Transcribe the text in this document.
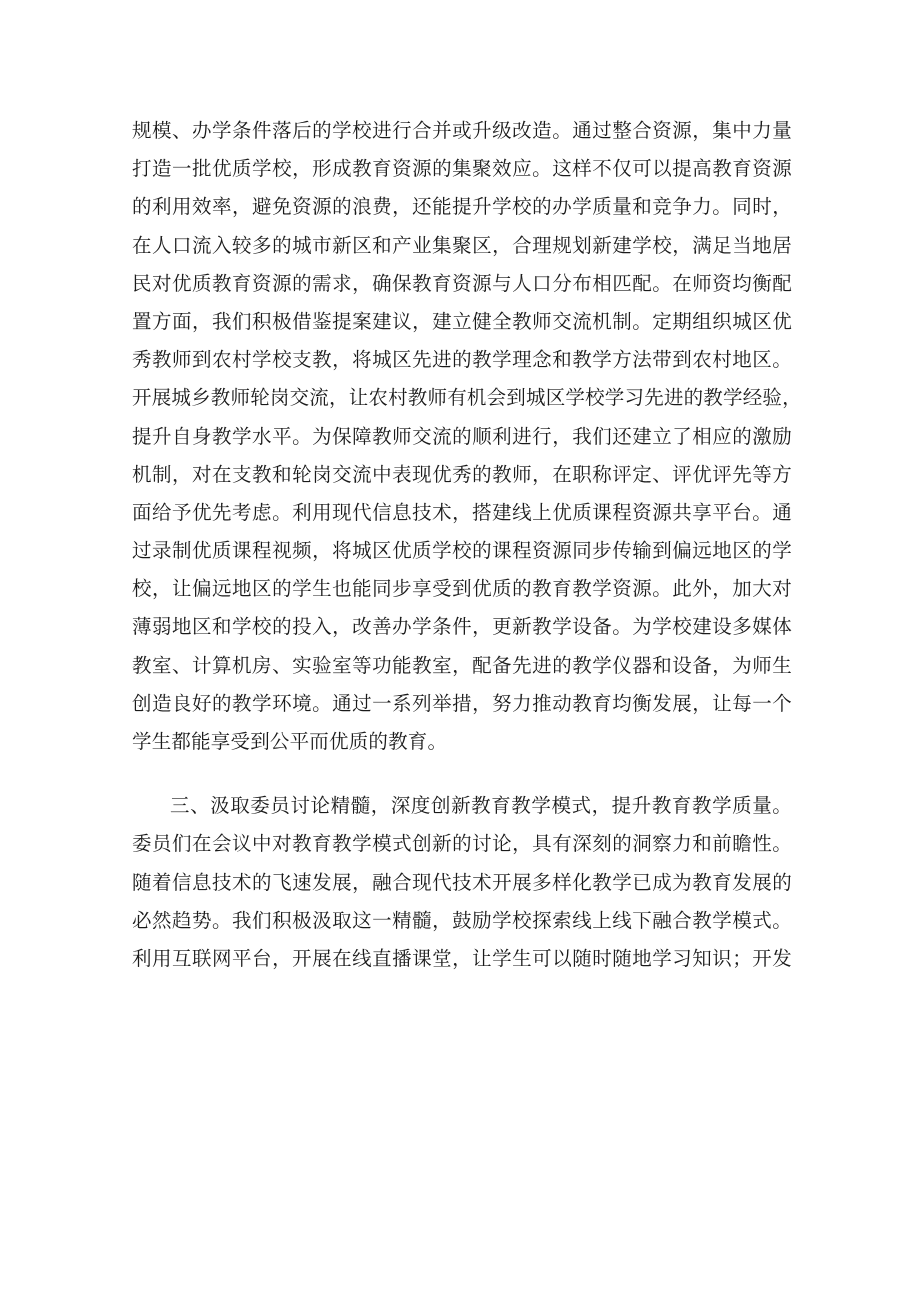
规模、办学条件落后的学校进行合并或升级改造。通过整合资源，集中力量
打造一批优质学校，形成教育资源的集聚效应。这样不仅可以提高教育资源
的利用效率，避免资源的浪费，还能提升学校的办学质量和竞争力。同时，
在人口流入较多的城市新区和产业集聚区，合理规划新建学校，满足当地居
民对优质教育资源的需求，确保教育资源与人口分布相匹配。在师资均衡配
置方面，我们积极借鉴提案建议，建立健全教师交流机制。定期组织城区优
秀教师到农村学校支教，将城区先进的教学理念和教学方法带到农村地区。
开展城乡教师轮岗交流，让农村教师有机会到城区学校学习先进的教学经验，
提升自身教学水平。为保障教师交流的顺利进行，我们还建立了相应的激励
机制，对在支教和轮岗交流中表现优秀的教师，在职称评定、评优评先等方
面给予优先考虑。利用现代信息技术，搭建线上优质课程资源共享平台。通
过录制优质课程视频，将城区优质学校的课程资源同步传输到偏远地区的学
校，让偏远地区的学生也能同步享受到优质的教育教学资源。此外，加大对
薄弱地区和学校的投入，改善办学条件，更新教学设备。为学校建设多媒体
教室、计算机房、实验室等功能教室，配备先进的教学仪器和设备，为师生
创造良好的教学环境。通过一系列举措，努力推动教育均衡发展，让每一个
学生都能享受到公平而优质的教育。
三、汲取委员讨论精髓，深度创新教育教学模式，提升教育教学质量。
委员们在会议中对教育教学模式创新的讨论，具有深刻的洞察力和前瞻性。
随着信息技术的飞速发展，融合现代技术开展多样化教学已成为教育发展的
必然趋势。我们积极汲取这一精髓，鼓励学校探索线上线下融合教学模式。
利用互联网平台，开展在线直播课堂，让学生可以随时随地学习知识；开发
